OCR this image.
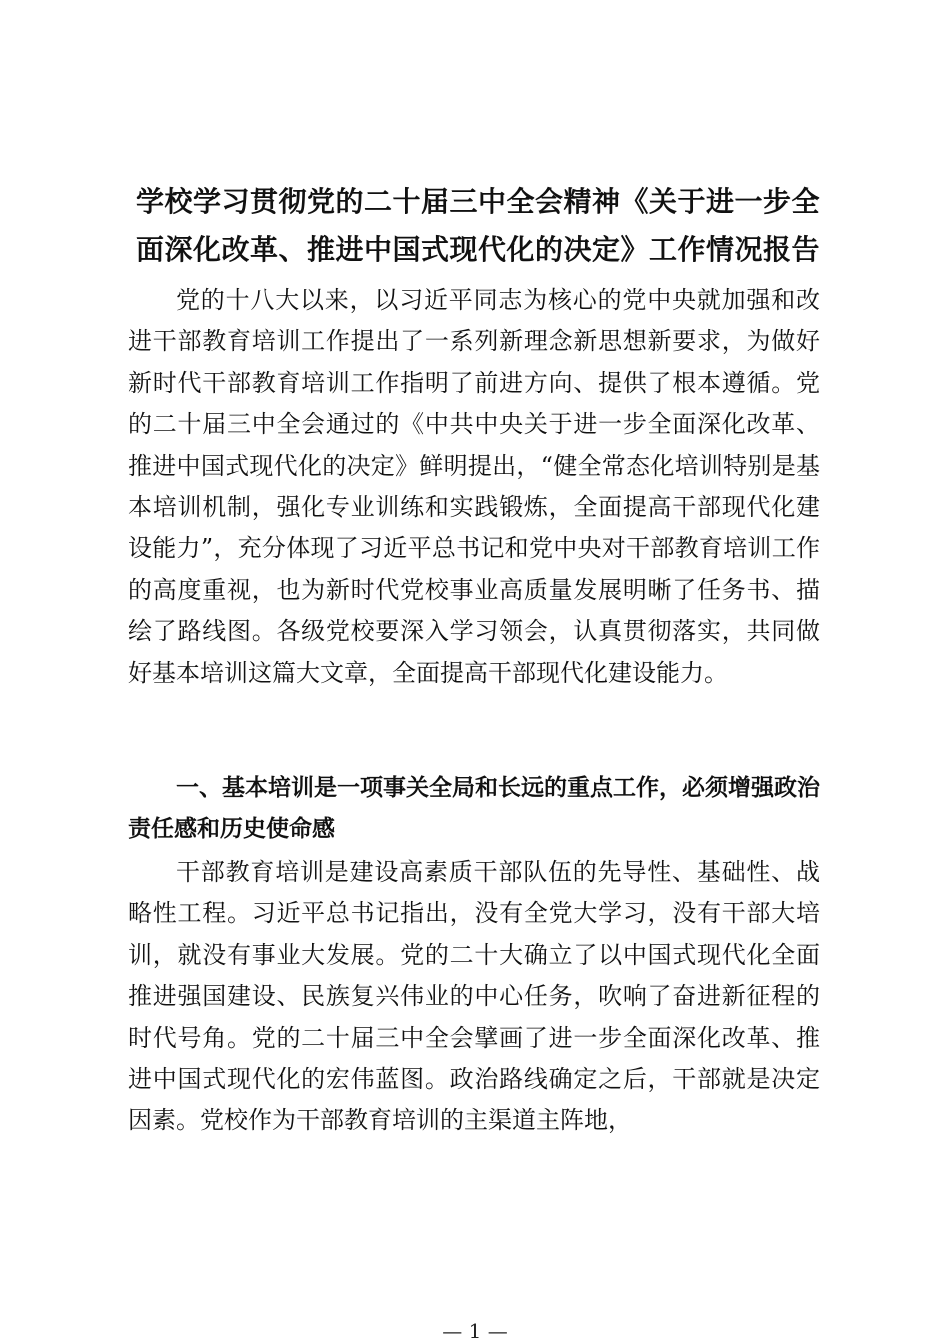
学校学习贯彻党的二十届三中全会精神《关于进一步全面深化改革、推进中国式现代化的决定》工作情况报告

党的十八大以来，以习近平同志为核心的党中央就加强和改进干部教育培训工作提出了一系列新理念新思想新要求，为做好新时代干部教育培训工作指明了前进方向、提供了根本遵循。党的二十届三中全会通过的《中共中央关于进一步全面深化改革、推进中国式现代化的决定》鲜明提出，“健全常态化培训特别是基本培训机制，强化专业训练和实践锻炼，全面提高干部现代化建设能力”，充分体现了习近平总书记和党中央对干部教育培训工作的高度重视，也为新时代党校事业高质量发展明晰了任务书、描绘了路线图。各级党校要深入学习领会，认真贯彻落实，共同做好基本培训这篇大文章，全面提高干部现代化建设能力。

一、基本培训是一项事关全局和长远的重点工作，必须增强政治责任感和历史使命感

干部教育培训是建设高素质干部队伍的先导性、基础性、战略性工程。习近平总书记指出，没有全党大学习，没有干部大培训，就没有事业大发展。党的二十大确立了以中国式现代化全面推进强国建设、民族复兴伟业的中心任务，吹响了奋进新征程的时代号角。党的二十届三中全会擘画了进一步全面深化改革、推进中国式现代化的宏伟蓝图。政治路线确定之后，干部就是决定因素。党校作为干部教育培训的主渠道主阵地，

— 1 —
